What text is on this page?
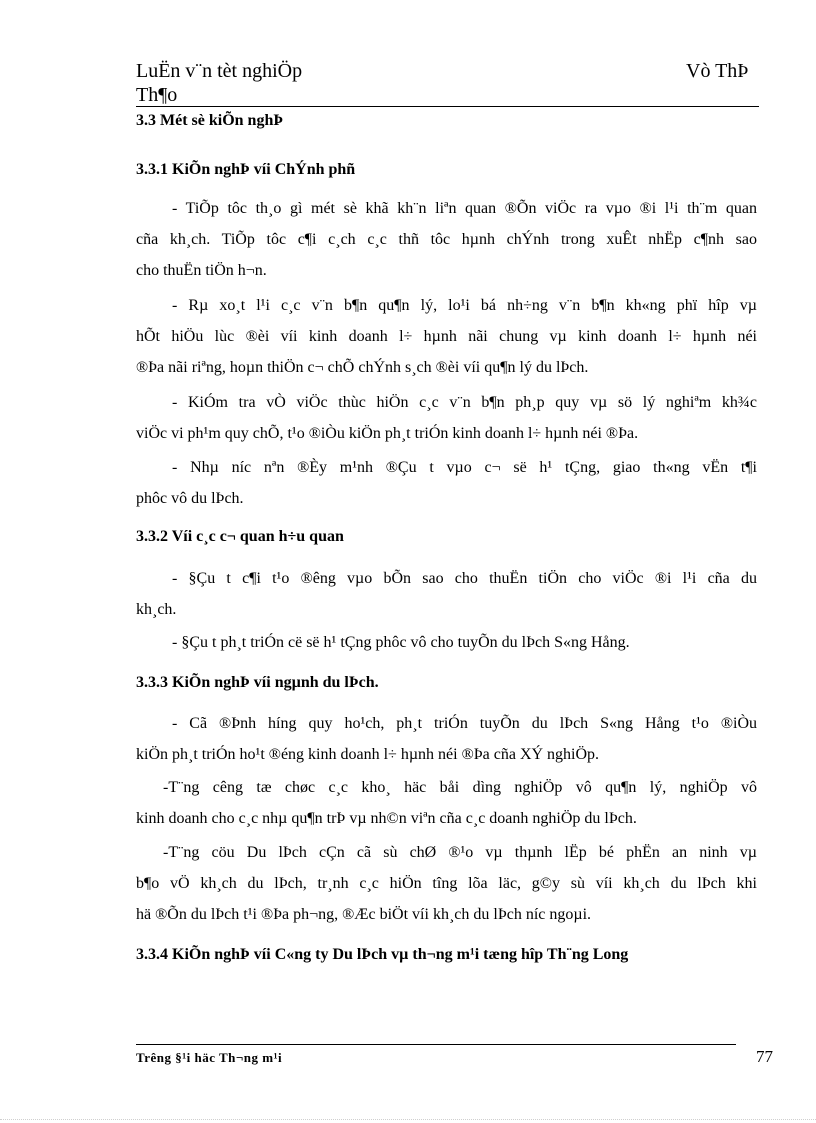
LuËn v¨n tèt nghiÖp
Th¶o
Vò ThÞ
3.3 Mét sè kiÕn nghÞ
3.3.1 KiÕn nghÞ víi ChÝnh phñ
- TiÕp tôc th¸o gì mét sè khã kh¨n liªn quan ®Õn viÖc ra vµo ®i l¹i th¨m quan
cña kh¸ch. TiÕp tôc c¶i c¸ch c¸c thñ tôc hµnh chÝnh trong xuÊt nhËp c¶nh sao
cho thuËn tiÖn h¬n.
- Rµ xo¸t l¹i c¸c v¨n b¶n qu¶n lý, lo¹i bá nh÷ng v¨n b¶n kh«ng phï hîp vµ
hÕt hiÖu lùc ®èi víi kinh doanh l÷ hµnh nãi chung vµ kinh doanh l÷ hµnh néi
®Þa nãi riªng, hoµn thiÖn c¬ chÕ chÝnh s¸ch ®èi víi qu¶n lý du lÞch.
- KiÓm tra vÒ viÖc thùc hiÖn c¸c v¨n b¶n ph¸p quy vµ sö lý nghiªm kh¾c
viÖc vi ph¹m quy chÕ, t¹o ®iÒu kiÖn ph¸t triÓn kinh doanh l÷ hµnh néi ®Þa.
- Nhµ níc nªn ®Èy m¹nh ®Çu t vµo c¬ së h¹ tÇng, giao th«ng vËn t¶i
phôc vô du lÞch.
3.3.2 Víi c¸c c¬ quan h÷u quan
- §Çu t c¶i t¹o ®êng vµo bÕn sao cho thuËn tiÖn cho viÖc ®i l¹i cña du
kh¸ch.
- §Çu t ph¸t triÓn cë së h¹ tÇng phôc vô cho tuyÕn du lÞch S«ng Hång.
3.3.3 KiÕn nghÞ víi ngµnh du lÞch.
- Cã ®Þnh híng quy ho¹ch, ph¸t triÓn tuyÕn du lÞch S«ng Hång t¹o ®iÒu
kiÖn ph¸t triÓn ho¹t ®éng kinh doanh l÷ hµnh néi ®Þa cña XÝ nghiÖp.
-T¨ng cêng tæ chøc c¸c kho¸ häc båi dìng nghiÖp vô qu¶n lý, nghiÖp vô
kinh doanh cho c¸c nhµ qu¶n trÞ vµ nh©n viªn cña c¸c doanh nghiÖp du lÞch.
-T¨ng cöu Du lÞch cÇn cã sù chØ ®¹o vµ thµnh lËp bé phËn an ninh vµ
b¶o vÖ kh¸ch du lÞch, tr¸nh c¸c hiÖn tîng lõa läc, g©y sù víi kh¸ch du lÞch khi
hä ®Õn du lÞch t¹i ®Þa ph¬ng, ®Æc biÖt víi kh¸ch du lÞch níc ngoµi.
3.3.4 KiÕn nghÞ víi C«ng ty Du lÞch vµ th¬ng m¹i tæng hîp Th¨ng Long
Trêng §¹i häc Th¬ng m¹i	77
